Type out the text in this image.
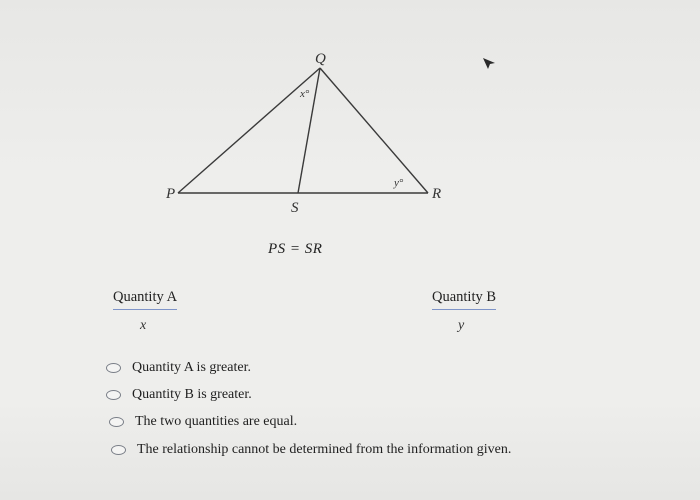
Q
P
S
R
x°
y°
PS = SR
Quantity A	Quantity B
x	y
Quantity A is greater.
Quantity B is greater.
The two quantities are equal.
The relationship cannot be determined from the information given.
